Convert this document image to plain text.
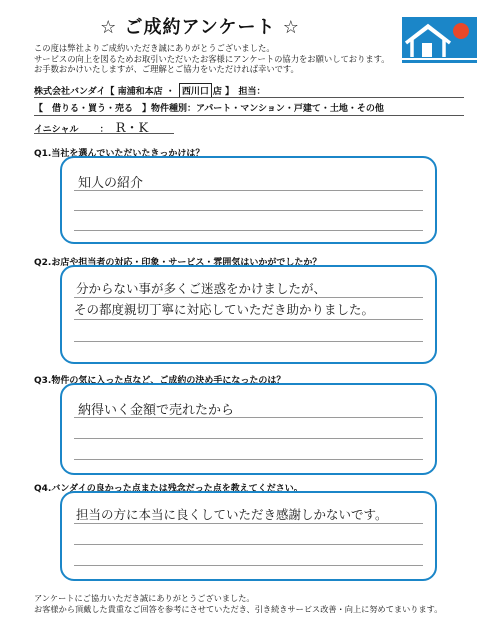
☆ ご成約アンケート ☆
この度は弊社よりご成約いただき誠にありがとうございました。
サービスの向上を図るためお取引いただいたお客様にアンケートの協力をお願いしております。
お手数おかけいたしますが、ご理解とご協力をいただければ幸いです。
株式会社バンダイ【 南浦和本店 ・ 西川口 店 】　担当：
【　借りる・買う・売る　】物件種別：アパート・マンション・戸建て・土地・その他
イニシャル ： R・K
Q1.当社を選んでいただいたきっかけは？
知人の紹介
Q2.お店や担当者の対応・印象・サービス・雰囲気はいかがでしたか？
分からない事が多くご迷惑をかけましたが、
その都度親切丁寧に対応していただき助かりました。
Q3.物件の気に入った点など、ご成約の決め手になったのは？
納得いく金額で売れたから
Q4.バンダイの良かった点または残念だった点を教えてください。
担当の方に本当に良くしていただき感謝しかないです。
アンケートにご協力いただき誠にありがとうございました。
お客様から頂戴した貴重なご回答を参考にさせていただき、引き続きサービス改善・向上に努めてまいります。
